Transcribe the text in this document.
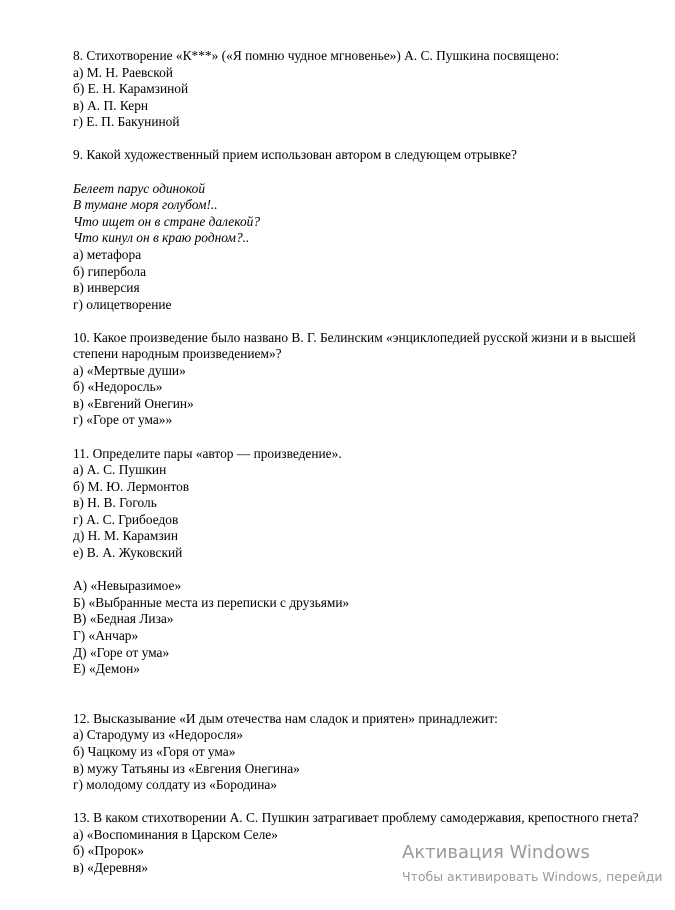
8. Стихотворение «К***» («Я помню чудное мгновенье») А. С. Пушкина посвящено:
а) М. Н. Раевской
б) Е. Н. Карамзиной
в) А. П. Керн
г) Е. П. Бакуниной
9. Какой художественный прием использован автором в следующем отрывке?
Белеет парус одинокой
В тумане моря голубом!..
Что ищет он в стране далекой?
Что кинул он в краю родном?..
а) метафора
б) гипербола
в) инверсия
г) олицетворение
10. Какое произведение было названо В. Г. Белинским «энциклопедией русской жизни и в высшей степени народным произведением»?
а) «Мертвые души»
б) «Недоросль»
в) «Евгений Онегин»
г) «Горе от ума»»
11. Определите пары «автор — произведение».
а) А. С. Пушкин
б) М. Ю. Лермонтов
в) Н. В. Гоголь
г) А. С. Грибоедов
д) Н. М. Карамзин
е) В. А. Жуковский
А) «Невыразимое»
Б) «Выбранные места из переписки с друзьями»
В) «Бедная Лиза»
Г) «Анчар»
Д) «Горе от ума»
Е) «Демон»
12. Высказывание «И дым отечества нам сладок и приятен» принадлежит:
а) Стародуму из «Недоросля»
б) Чацкому из «Горя от ума»
в) мужу Татьяны из «Евгения Онегина»
г) молодому солдату из «Бородина»
13. В каком стихотворении А. С. Пушкин затрагивает проблему самодержавия, крепостного гнета?
а) «Воспоминания в Царском Селе»
б) «Пророк»
в) «Деревня»
Активация Windows
Чтобы активировать Windows, перейди
